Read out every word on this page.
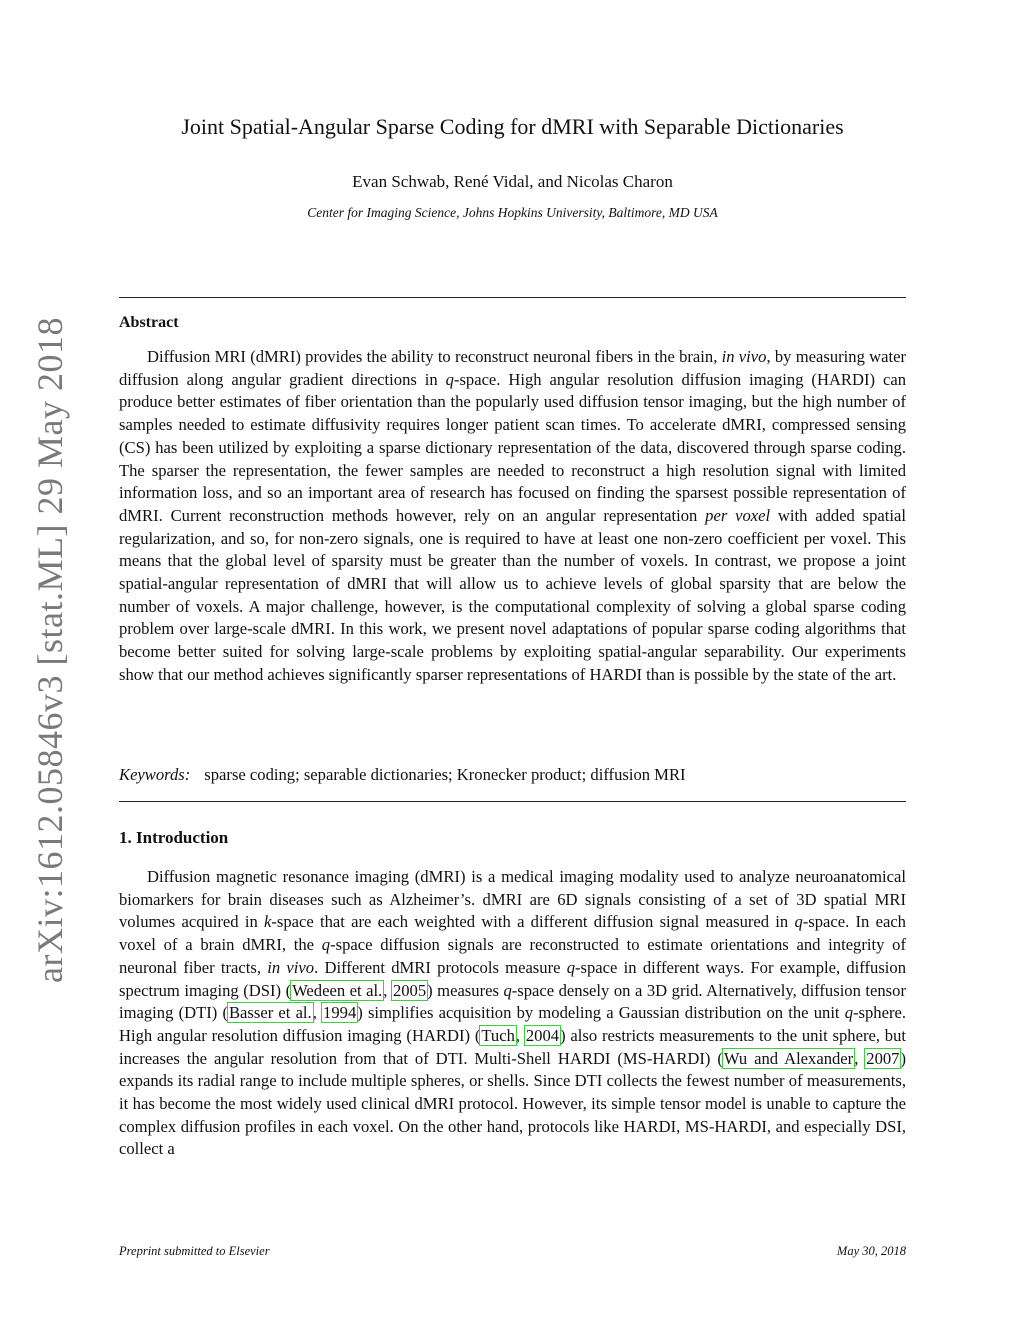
arXiv:1612.05846v3 [stat.ML] 29 May 2018
Joint Spatial-Angular Sparse Coding for dMRI with Separable Dictionaries
Evan Schwab, René Vidal, and Nicolas Charon
Center for Imaging Science, Johns Hopkins University, Baltimore, MD USA
Abstract

Diffusion MRI (dMRI) provides the ability to reconstruct neuronal fibers in the brain, in vivo, by measuring water diffusion along angular gradient directions in q-space. High angular resolution diffusion imaging (HARDI) can produce better estimates of fiber orientation than the popularly used diffusion tensor imaging, but the high number of samples needed to estimate diffusivity requires longer patient scan times. To accelerate dMRI, compressed sensing (CS) has been utilized by exploiting a sparse dictionary representation of the data, discovered through sparse coding. The sparser the representation, the fewer samples are needed to reconstruct a high resolution signal with limited information loss, and so an important area of research has focused on finding the sparsest possible representation of dMRI. Current reconstruction methods however, rely on an angular representation per voxel with added spatial regularization, and so, for non-zero signals, one is required to have at least one non-zero coefficient per voxel. This means that the global level of sparsity must be greater than the number of voxels. In contrast, we propose a joint spatial-angular representation of dMRI that will allow us to achieve levels of global sparsity that are below the number of voxels. A major challenge, however, is the computational complexity of solving a global sparse coding problem over large-scale dMRI. In this work, we present novel adaptations of popular sparse coding algorithms that become better suited for solving large-scale problems by exploiting spatial-angular separability. Our experiments show that our method achieves significantly sparser representations of HARDI than is possible by the state of the art.

Keywords: sparse coding; separable dictionaries; Kronecker product; diffusion MRI
1. Introduction

Diffusion magnetic resonance imaging (dMRI) is a medical imaging modality used to analyze neuroanatomical biomarkers for brain diseases such as Alzheimer’s. dMRI are 6D signals consisting of a set of 3D spatial MRI volumes acquired in k-space that are each weighted with a different diffusion signal measured in q-space. In each voxel of a brain dMRI, the q-space diffusion signals are reconstructed to estimate orientations and integrity of neuronal fiber tracts, in vivo. Different dMRI protocols measure q-space in different ways. For example, diffusion spectrum imaging (DSI) (Wedeen et al., 2005) measures q-space densely on a 3D grid. Alternatively, diffusion tensor imaging (DTI) (Basser et al., 1994) simplifies acquisition by modeling a Gaussian distribution on the unit q-sphere. High angular resolution diffusion imaging (HARDI) (Tuch, 2004) also restricts measurements to the unit sphere, but increases the angular resolution from that of DTI. Multi-Shell HARDI (MS-HARDI) (Wu and Alexander, 2007) expands its radial range to include multiple spheres, or shells. Since DTI collects the fewest number of measurements, it has become the most widely used clinical dMRI protocol. However, its simple tensor model is unable to capture the complex diffusion profiles in each voxel. On the other hand, protocols like HARDI, MS-HARDI, and especially DSI, collect a

Preprint submitted to Elsevier	May 30, 2018
